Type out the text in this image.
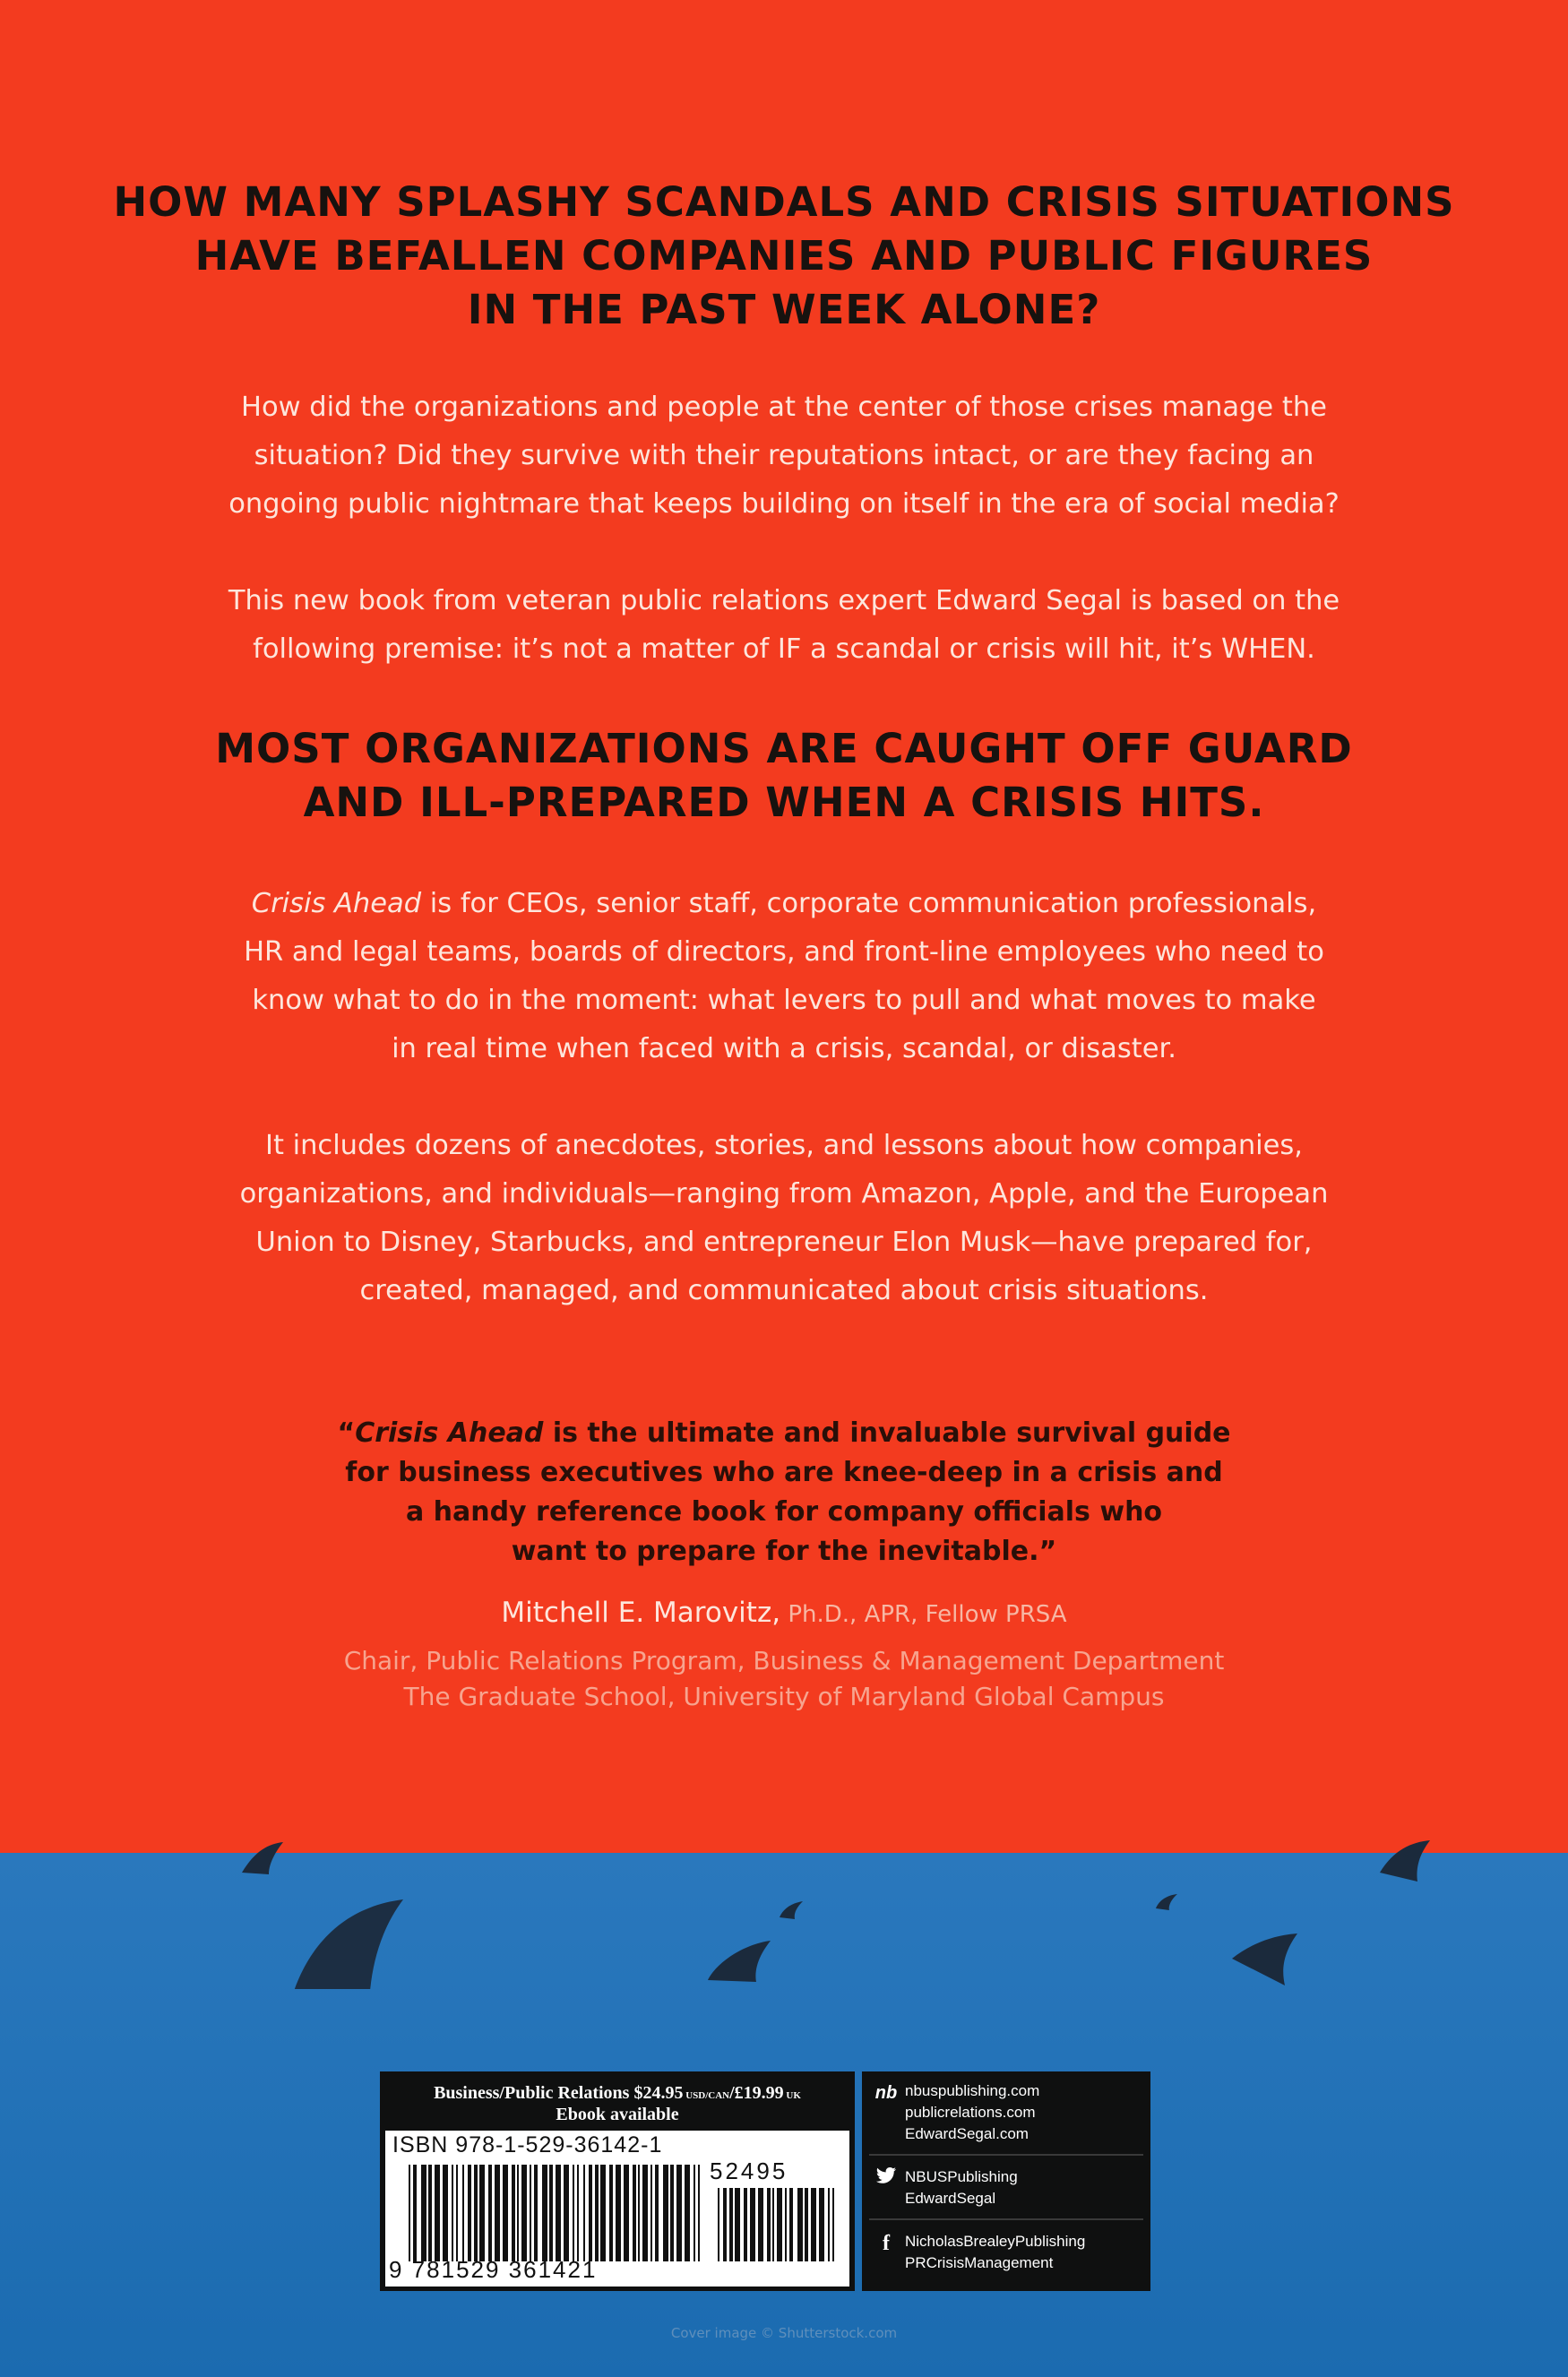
HOW MANY SPLASHY SCANDALS AND CRISIS SITUATIONS
HAVE BEFALLEN COMPANIES AND PUBLIC FIGURES
IN THE PAST WEEK ALONE?
How did the organizations and people at the center of those crises manage the
situation? Did they survive with their reputations intact, or are they facing an
ongoing public nightmare that keeps building on itself in the era of social media?
This new book from veteran public relations expert Edward Segal is based on the
following premise: it’s not a matter of IF a scandal or crisis will hit, it’s WHEN.
MOST ORGANIZATIONS ARE CAUGHT OFF GUARD
AND ILL-PREPARED WHEN A CRISIS HITS.
Crisis Ahead is for CEOs, senior staff, corporate communication professionals,
HR and legal teams, boards of directors, and front-line employees who need to
know what to do in the moment: what levers to pull and what moves to make
in real time when faced with a crisis, scandal, or disaster.
It includes dozens of anecdotes, stories, and lessons about how companies,
organizations, and individuals—ranging from Amazon, Apple, and the European
Union to Disney, Starbucks, and entrepreneur Elon Musk—have prepared for,
created, managed, and communicated about crisis situations.
“Crisis Ahead is the ultimate and invaluable survival guide
for business executives who are knee-deep in a crisis and
a handy reference book for company officials who
want to prepare for the inevitable.”
Mitchell E. Marovitz, Ph.D., APR, Fellow PRSA
Chair, Public Relations Program, Business & Management Department
The Graduate School, University of Maryland Global Campus
Business/Public Relations $24.95 USD/CAN/£19.99 UK
Ebook available
ISBN 978-1-529-36142-1
52495
9 781529 361421
nb nbuspublishing.com
publicrelations.com
EdwardSegal.com
NBUSPublishing
EdwardSegal
f	NicholasBrealeyPublishing
PRCrisisManagement
Cover image © Shutterstock.com
